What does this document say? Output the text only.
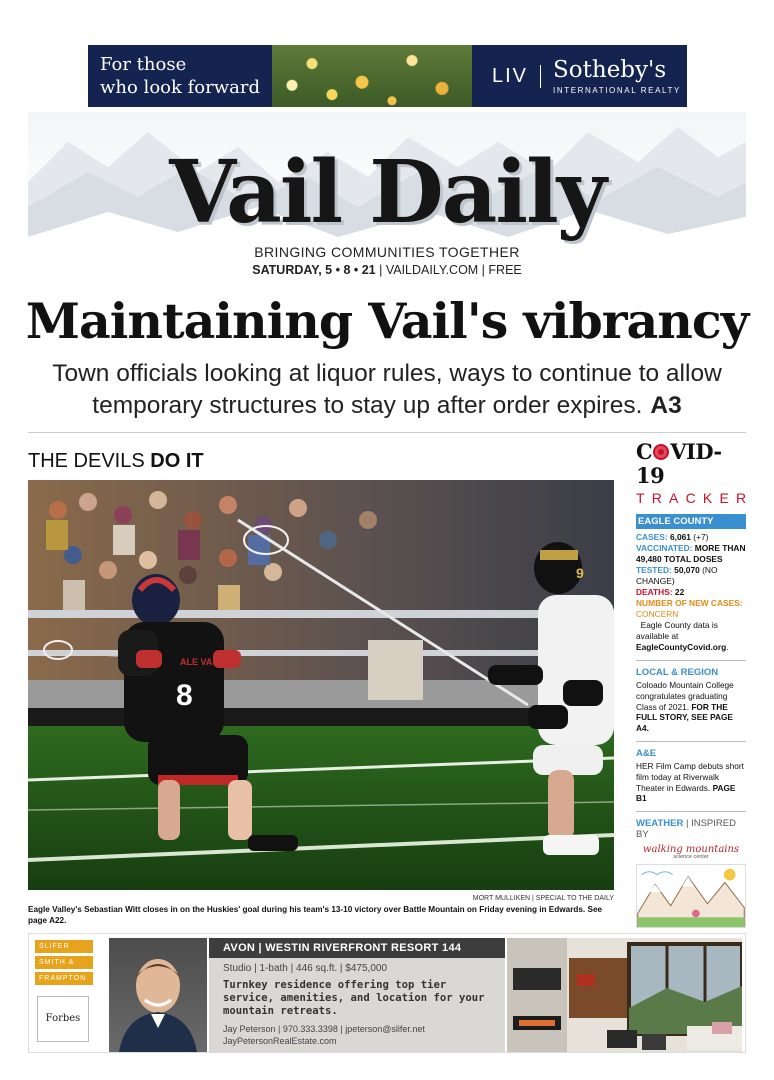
For those
who look forward
LIV	Sotheby's
INTERNATIONAL REALTY
Vail Daily
BRINGING COMMUNITIES TOGETHER
SATURDAY, 5 • 8 • 21 | VAILDAILY.COM | FREE
Maintaining Vail's vibrancy
Town officials looking at liquor rules, ways to continue to allow temporary structures to stay up after order expires. A3
THE DEVILS DO IT
8
ALE VA
9
MORT MULLIKEN | SPECIAL TO THE DAILY
Eagle Valley's Sebastian Witt closes in on the Huskies' goal during his team's 13-10 victory over Battle Mountain on Friday evening in Edwards. See page A22.
C VID-19
TRACKER
EAGLE COUNTY
CASES: 6,061 (+7)
VACCINATED: MORE THAN 49,480 TOTAL DOSES
TESTED: 50,070 (NO CHANGE)
DEATHS: 22
NUMBER OF NEW CASES:
CONCERN
Eagle County data is available at EagleCountyCovid.org.
LOCAL & REGION
Coloado Mountain College congratulates graduating Class of 2021. FOR THE FULL STORY, SEE PAGE A4.
A&E
HER Film Camp debuts short film today at Riverwalk Theater in Edwards. PAGE B1
WEATHER | INSPIRED BY
walking mountains
science center

SLIFER
SMITH &
FRAMPTON
Forbes
AVON | WESTIN RIVERFRONT RESORT 144
Studio | 1-bath | 446 sq.ft. | $475,000
Turnkey residence offering top tier service, amenities, and location for your mountain retreats.
Jay Peterson | 970.333.3398 | jpeterson@slifer.net
JayPetersonRealEstate.com
